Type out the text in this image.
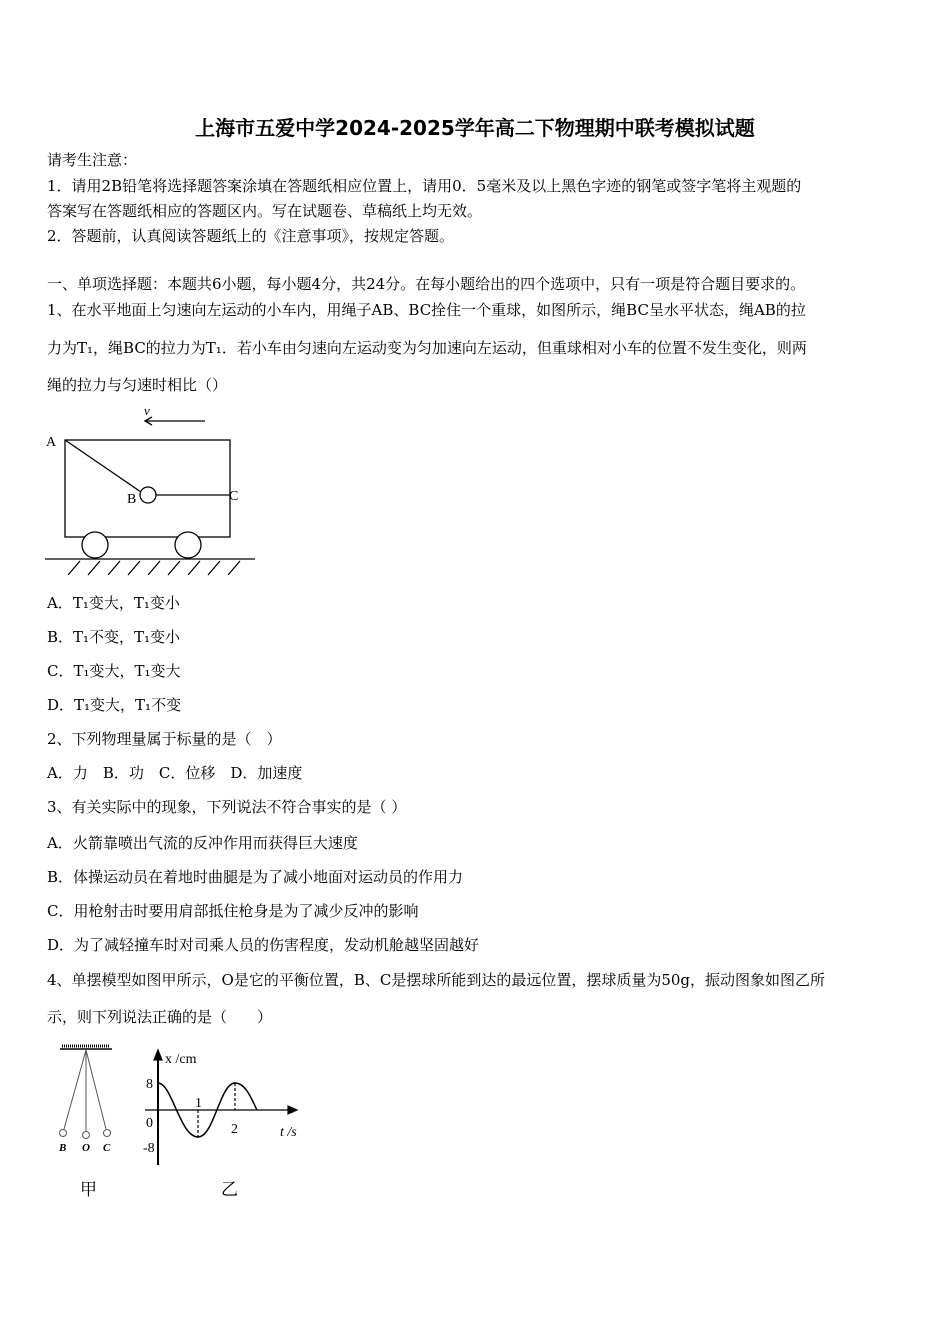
上海市五爱中学2024-2025学年高二下物理期中联考模拟试题
请考生注意：
1．请用2B铅笔将选择题答案涂填在答题纸相应位置上，请用0．5毫米及以上黑色字迹的钢笔或签字笔将主观题的
答案写在答题纸相应的答题区内。写在试题卷、草稿纸上均无效。
2．答题前，认真阅读答题纸上的《注意事项》，按规定答题。
一、单项选择题：本题共6小题，每小题4分，共24分。在每小题给出的四个选项中，只有一项是符合题目要求的。
1、在水平地面上匀速向左运动的小车内，用绳子AB、BC拴住一个重球，如图所示，绳BC呈水平状态，绳AB的拉
力为T₁，绳BC的拉力为T₁．若小车由匀速向左运动变为匀加速向左运动，但重球相对小车的位置不发生变化，则两
绳的拉力与匀速时相比（）
v
A
B	C
B O C
x /cm
8
0
-8
1
2	t /s
A．T₁变大，T₁变小
B．T₁不变，T₁变小
C．T₁变大，T₁变大
D．T₁变大，T₁不变
2、下列物理量属于标量的是（　）
A．力　B．功　C．位移　D．加速度
3、有关实际中的现象，下列说法不符合事实的是（ ）
A．火箭靠喷出气流的反冲作用而获得巨大速度
B．体操运动员在着地时曲腿是为了减小地面对运动员的作用力
C．用枪射击时要用肩部抵住枪身是为了减少反冲的影响
D．为了减轻撞车时对司乘人员的伤害程度，发动机舱越坚固越好
4、单摆模型如图甲所示，O是它的平衡位置，B、C是摆球所能到达的最远位置，摆球质量为50g，振动图象如图乙所
示，则下列说法正确的是（　　）
甲	乙
